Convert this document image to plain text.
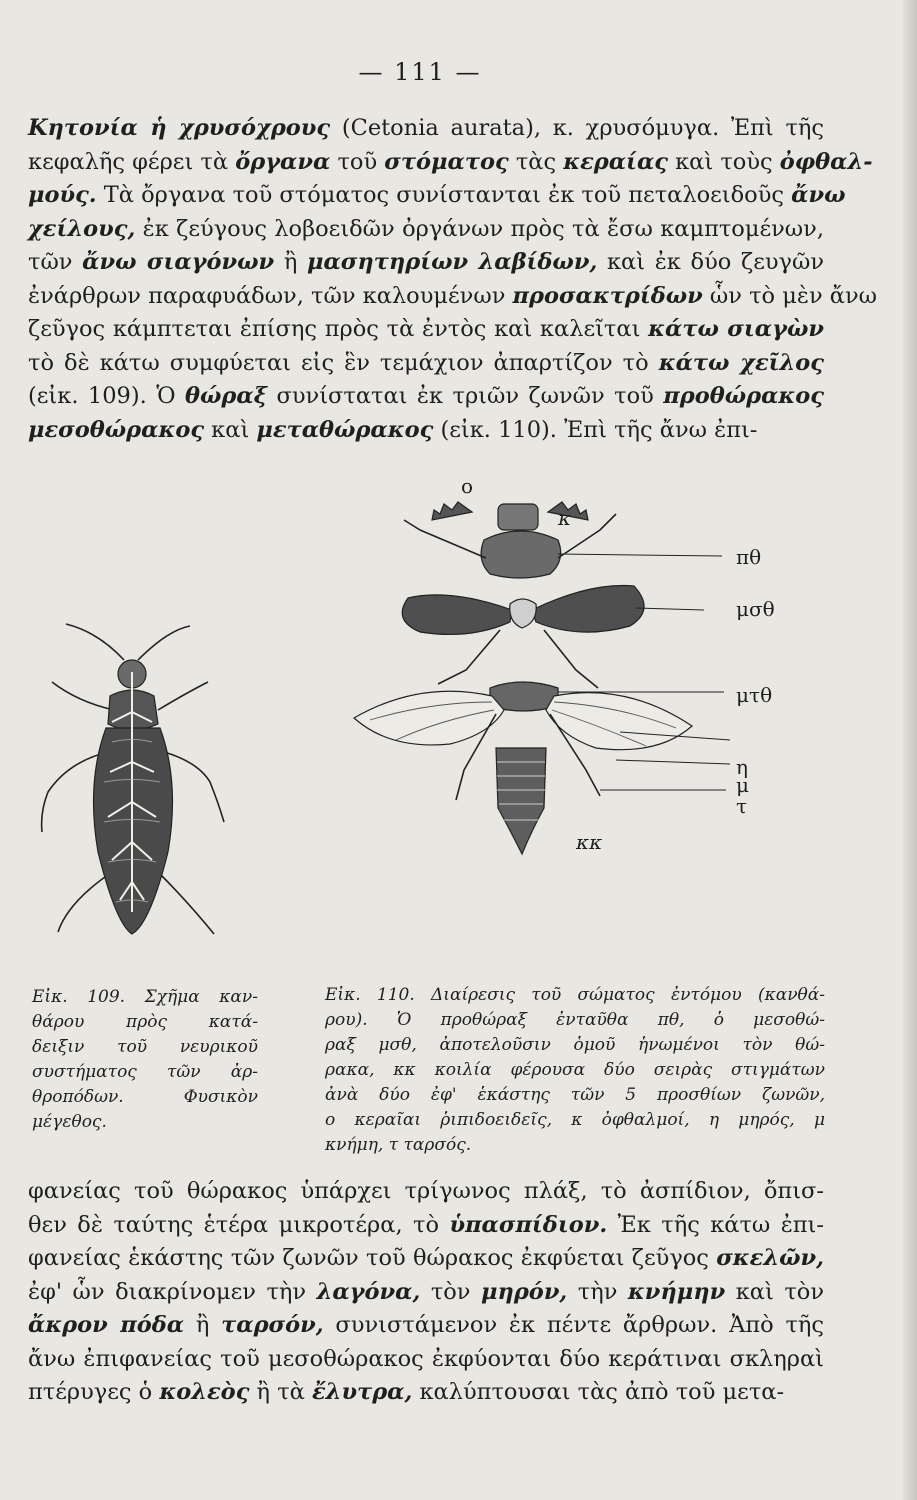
— 111 —
Κητονία ἡ χρυσόχρους (Cetonia aurata), κ. χρυσόμυγα. Ἐπὶ τῆς
κεφαλῆς φέρει τὰ ὄργανα τοῦ στόματος τὰς κεραίας καὶ τοὺς ὀφθαλ-
μούς. Τὰ ὄργανα τοῦ στόματος συνίστανται ἐκ τοῦ πεταλοειδοῦς ἄνω
χείλους, ἐκ ζεύγους λοβοειδῶν ὀργάνων πρὸς τὰ ἔσω καμπτομένων,
τῶν ἄνω σιαγόνων ἢ μασητηρίων λαβίδων, καὶ ἐκ δύο ζευγῶν
ἐνάρθρων παραφυάδων, τῶν καλουμένων προσακτρίδων ὧν τὸ μὲν ἄνω
ζεῦγος κάμπτεται ἐπίσης πρὸς τὰ ἐντὸς καὶ καλεῖται κάτω σιαγὼν
τὸ δὲ κάτω συμφύεται εἰς ἓν τεμάχιον ἀπαρτίζον τὸ κάτω χεῖλος
(εἰκ. 109). Ὁ θώραξ συνίσταται ἐκ τριῶν ζωνῶν τοῦ προθώρακος
μεσοθώρακος καὶ μεταθώρακος (εἰκ. 110). Ἐπὶ τῆς ἄνω ἐπι-
ο
κ
πθ
μσθ
μτθ
η
μ
τ
κκ
Εἰκ. 109. Σχῆμα καν-
θάρου πρὸς κατά-
δειξιν τοῦ νευρικοῦ
συστήματος τῶν ἀρ-
θροπόδων. Φυσικὸν
μέγεθος.
Εἰκ. 110. Διαίρεσις τοῦ σώματος ἐντόμου (κανθά-
ρου). Ὁ προθώραξ ἐνταῦθα πθ, ὁ μεσοθώ-
ραξ μσθ, ἀποτελοῦσιν ὁμοῦ ἡνωμένοι τὸν θώ-
ρακα, κκ κοιλία φέρουσα δύο σειρὰς στιγμάτων
ἀνὰ δύο ἐφ' ἑκάστης τῶν 5 προσθίων ζωνῶν,
ο κεραῖαι ῥιπιδοειδεῖς, κ ὀφθαλμοί, η μηρός, μ
κνήμη, τ ταρσός.
φανείας τοῦ θώρακος ὑπάρχει τρίγωνος πλάξ, τὸ ἀσπίδιον, ὄπισ-
θεν δὲ ταύτης ἑτέρα μικροτέρα, τὸ ὑπασπίδιον. Ἐκ τῆς κάτω ἐπι-
φανείας ἑκάστης τῶν ζωνῶν τοῦ θώρακος ἐκφύεται ζεῦγος σκελῶν,
ἐφ' ὧν διακρίνομεν τὴν λαγόνα, τὸν μηρόν, τὴν κνήμην καὶ τὸν
ἄκρον πόδα ἢ ταρσόν, συνιστάμενον ἐκ πέντε ἄρθρων. Ἀπὸ τῆς
ἄνω ἐπιφανείας τοῦ μεσοθώρακος ἐκφύονται δύο κεράτιναι σκληραὶ
πτέρυγες ὁ κολεὸς ἢ τὰ ἔλυτρα, καλύπτουσαι τὰς ἀπὸ τοῦ μετα-
